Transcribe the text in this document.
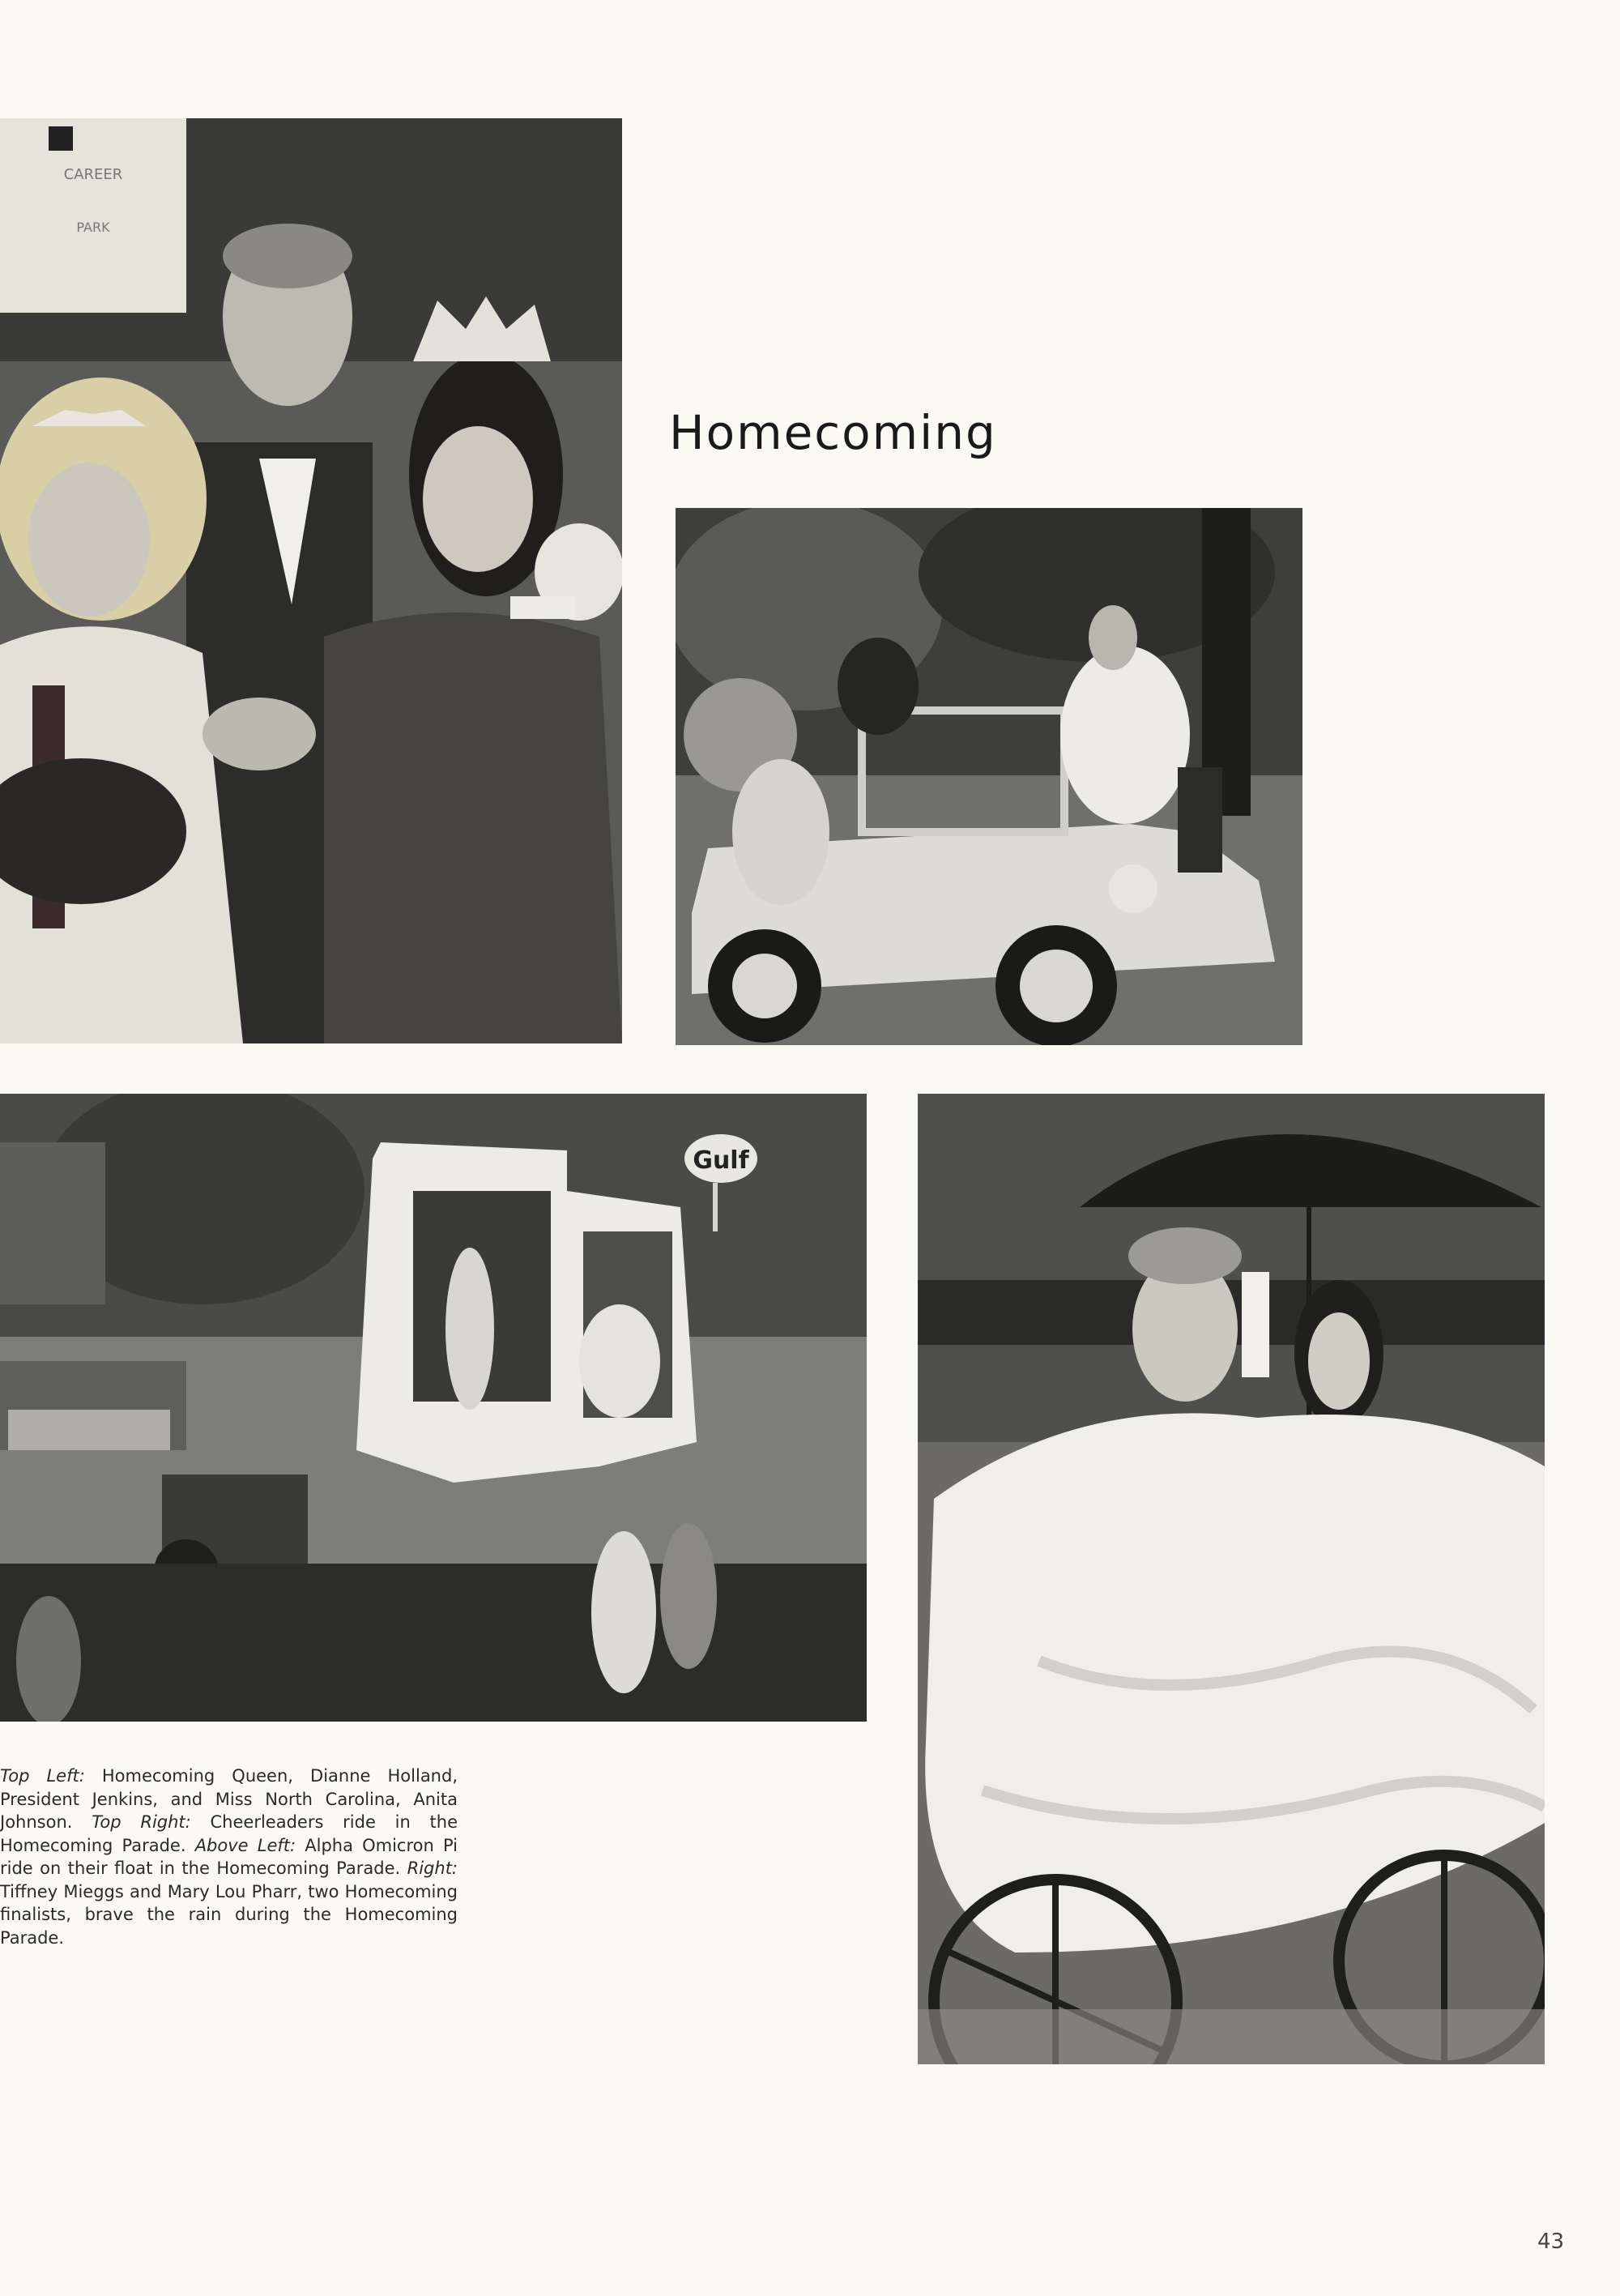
Homecoming
CAREER
PARK
Gulf

Top Left: Homecoming Queen, Dianne Holland, President Jenkins, and Miss North Carolina, Anita Johnson. Top Right: Cheerleaders ride in the Homecoming Parade. Above Left: Alpha Omicron Pi ride on their float in the Homecoming Parade. Right: Tiffney Mieggs and Mary Lou Pharr, two Homecoming finalists, brave the rain during the Homecoming Parade.

43
